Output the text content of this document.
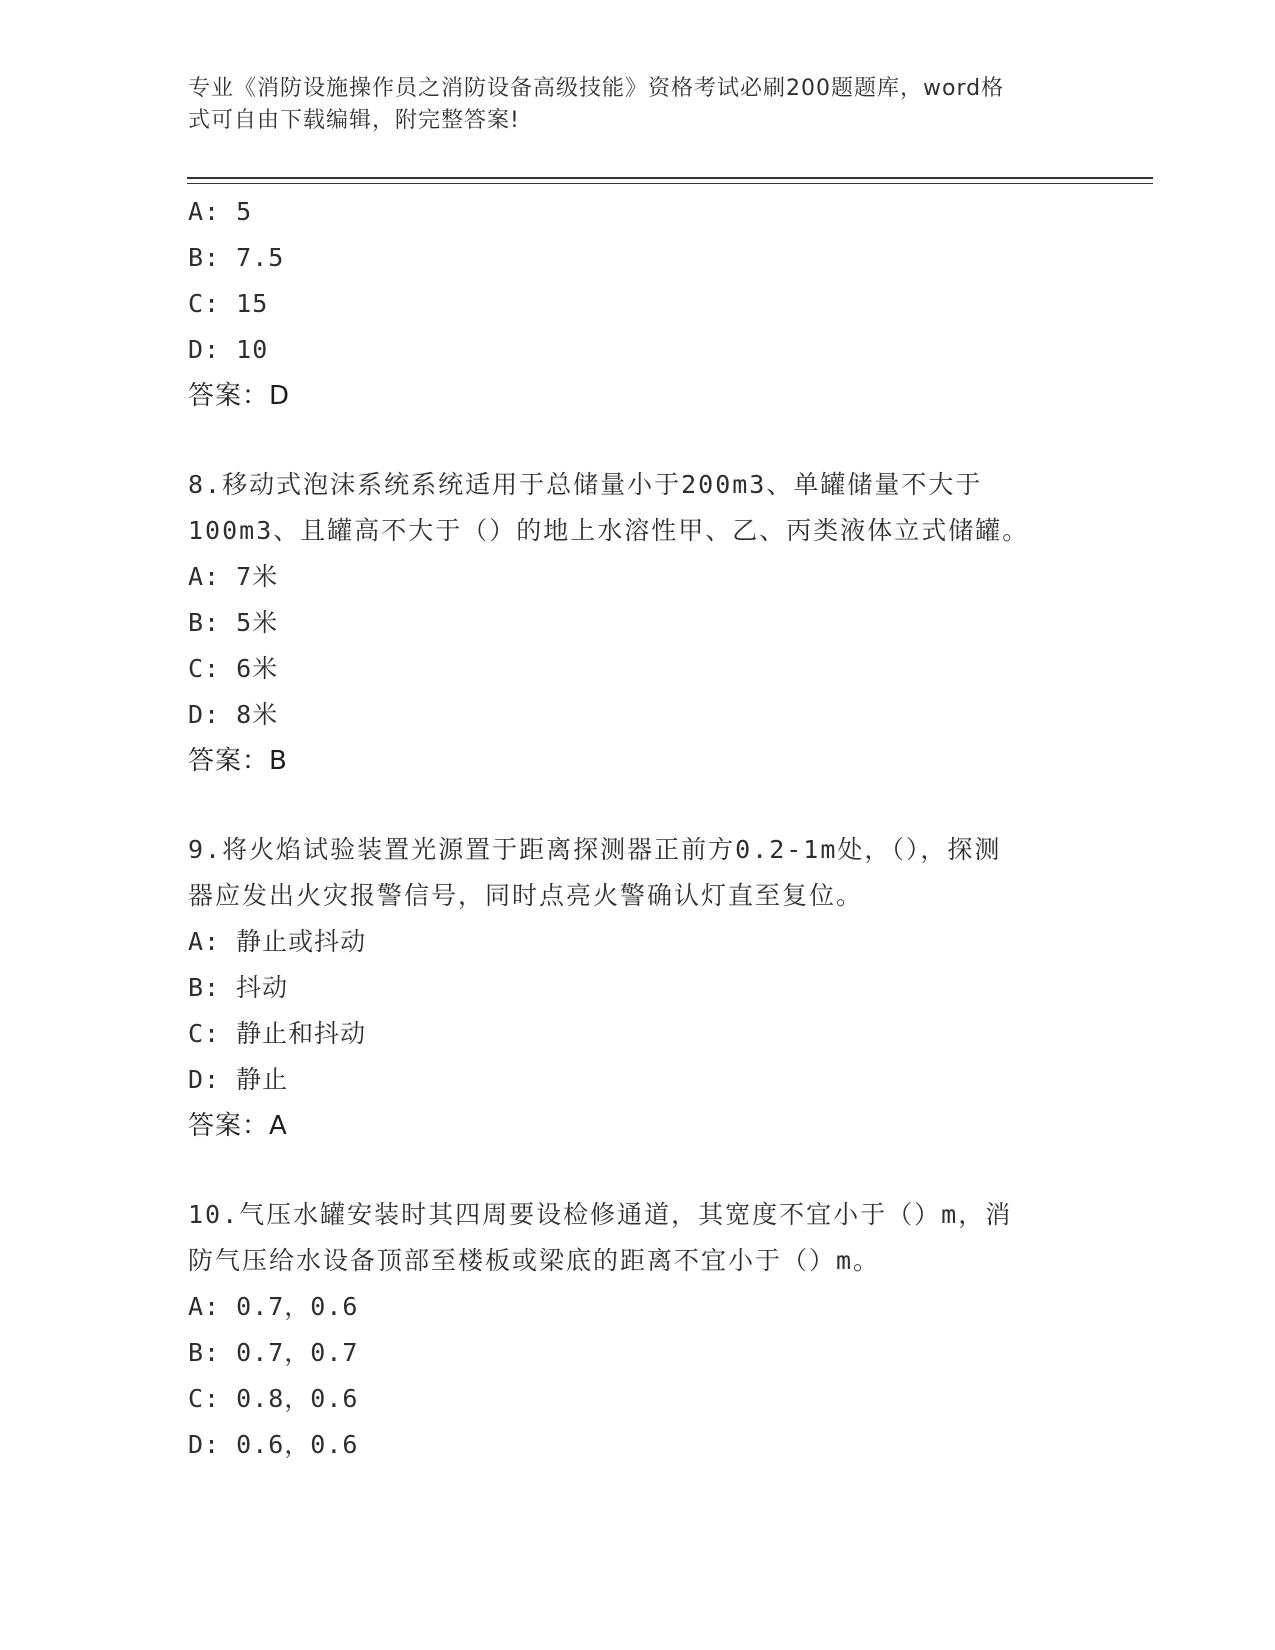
专业《消防设施操作员之消防设备高级技能》资格考试必刷200题题库，word格
式可自由下载编辑，附完整答案!
A: 5
B: 7.5
C: 15
D: 10
答案：D
8.移动式泡沫系统系统适用于总储量小于200m3、单罐储量不大于
100m3、且罐高不大于（）的地上水溶性甲、乙、丙类液体立式储罐。
A: 7米
B: 5米
C: 6米
D: 8米
答案：B
9.将火焰试验装置光源置于距离探测器正前方0.2-1m处，（），探测
器应发出火灾报警信号，同时点亮火警确认灯直至复位。
A: 静止或抖动
B: 抖动
C: 静止和抖动
D: 静止
答案：A
10.气压水罐安装时其四周要设检修通道，其宽度不宜小于（）m，消
防气压给水设备顶部至楼板或梁底的距离不宜小于（）m。
A: 0.7，0.6
B: 0.7，0.7
C: 0.8，0.6
D: 0.6，0.6
